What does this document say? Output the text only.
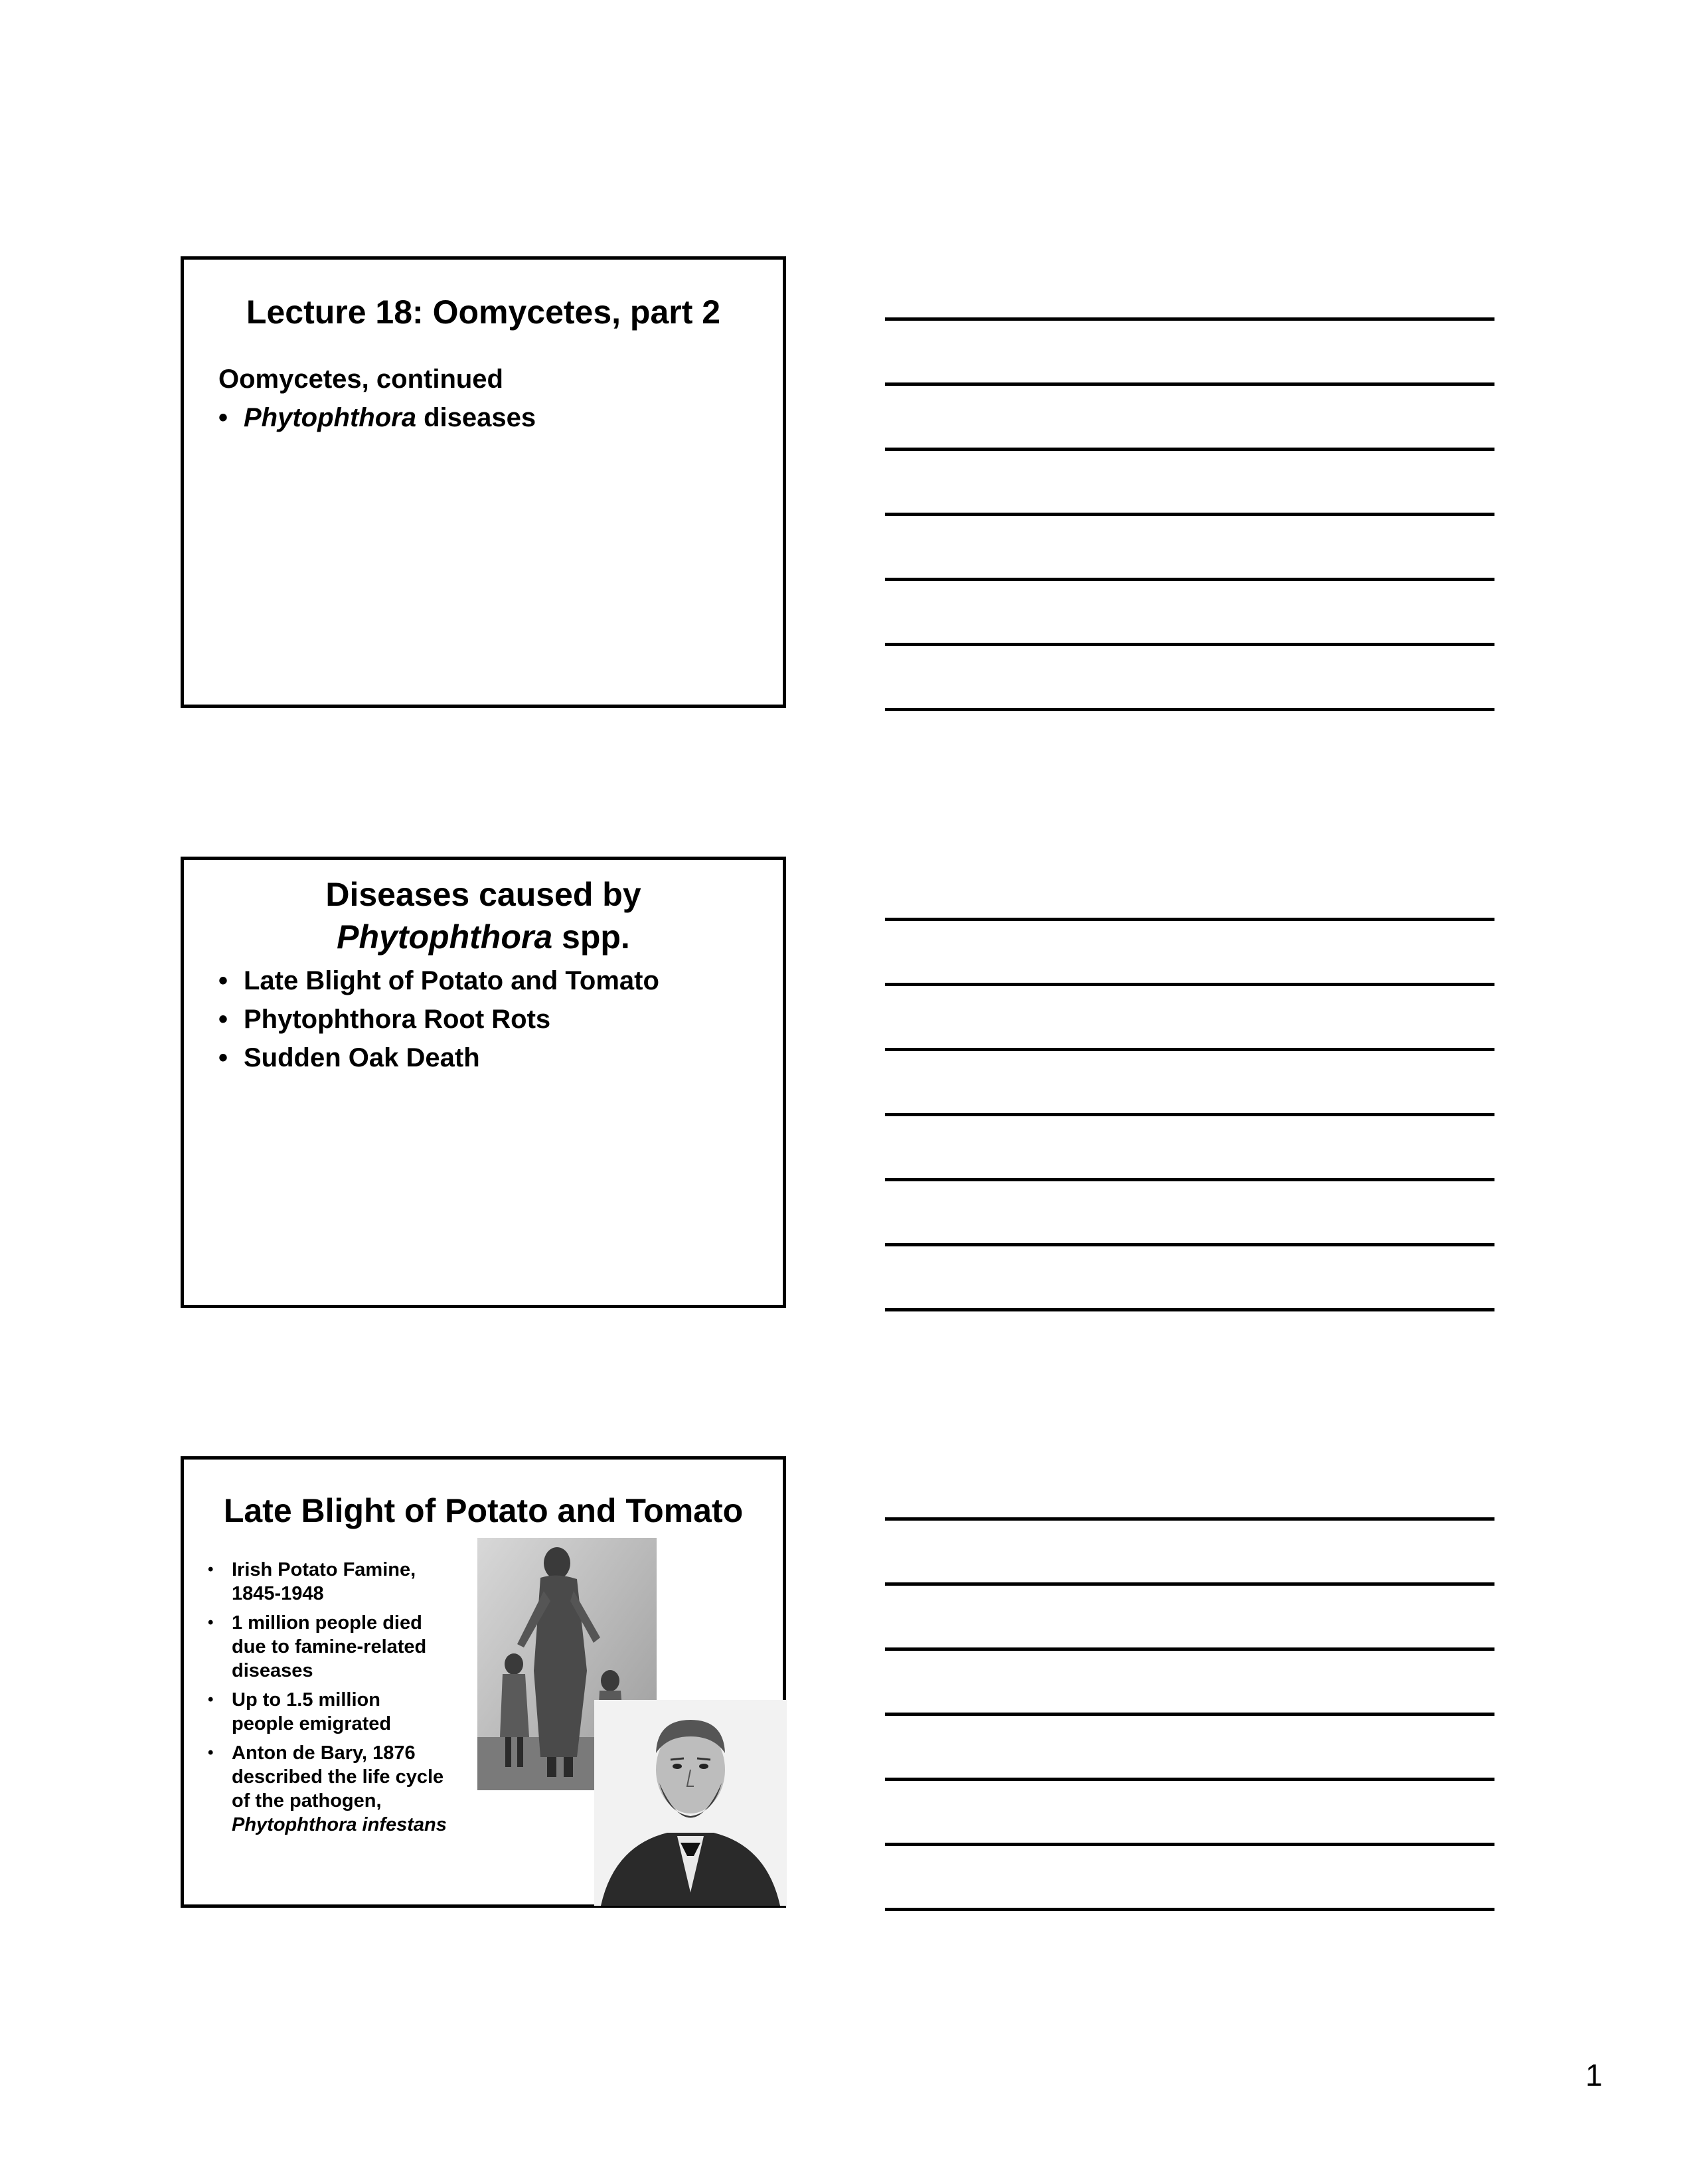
Lecture 18: Oomycetes, part 2
Oomycetes, continued
• Phytophthora diseases
Diseases caused by
Phytophthora spp.
• Late Blight of Potato and Tomato
• Phytophthora Root Rots
• Sudden Oak Death
Late Blight of Potato and Tomato
• Irish Potato Famine, 1845-1948
• 1 million people died due to famine-related diseases
• Up to 1.5 million people emigrated
• Anton de Bary, 1876 described the life cycle of the pathogen,
Phytophthora infestans
1
